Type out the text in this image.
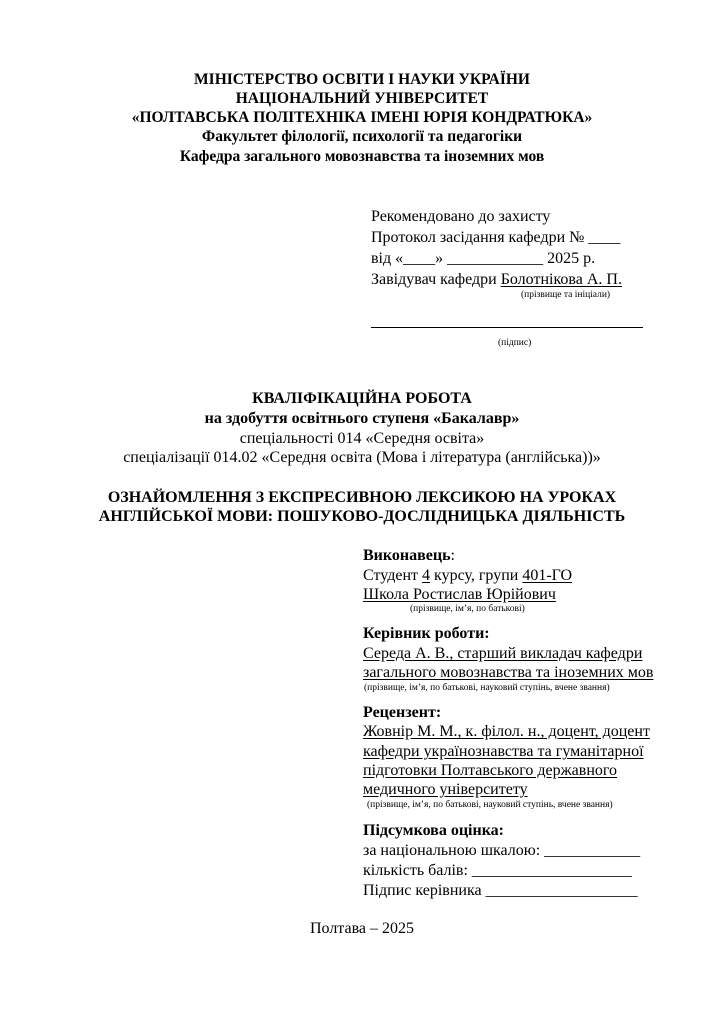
МІНІСТЕРСТВО ОСВІТИ І НАУКИ УКРАЇНИ
НАЦІОНАЛЬНИЙ УНІВЕРСИТЕТ
«ПОЛТАВСЬКА ПОЛІТЕХНІКА ІМЕНІ ЮРІЯ КОНДРАТЮКА»
Факультет філології, психології та педагогіки
Кафедра загального мовознавства та іноземних мов
Рекомендовано до захисту
Протокол засідання кафедри № ____
від «____» ____________ 2025 р.
Завідувач кафедри Болотнікова А. П.
(прізвище та ініціали)
(підпис)
КВАЛІФІКАЦІЙНА РОБОТА
на здобуття освітнього ступеня «Бакалавр»
спеціальності 014 «Середня освіта»
спеціалізації 014.02 «Середня освіта (Мова і література (англійська))»
ОЗНАЙОМЛЕННЯ З ЕКСПРЕСИВНОЮ ЛЕКСИКОЮ НА УРОКАХ
АНГЛІЙСЬКОЇ МОВИ: ПОШУКОВО-ДОСЛІДНИЦЬКА ДІЯЛЬНІСТЬ
Виконавець:
Студент 4 курсу, групи 401-ГО
Школа Ростислав Юрійович
(прізвище, ім’я, по батькові)
Керівник роботи:
Середа А. В., старший викладач кафедри
загального мовознавства та іноземних мов
(прізвище, ім’я, по батькові, науковий ступінь, вчене звання)
Рецензент:
Жовнір М. М., к. філол. н., доцент, доцент
кафедри українознавства та гуманітарної
підготовки Полтавського державного
медичного університету
(прізвище, ім’я, по батькові, науковий ступінь, вчене звання)
Підсумкова оцінка:
за національною шкалою: ____________
кількість балів: ____________________
Підпис керівника ___________________
Полтава – 2025
